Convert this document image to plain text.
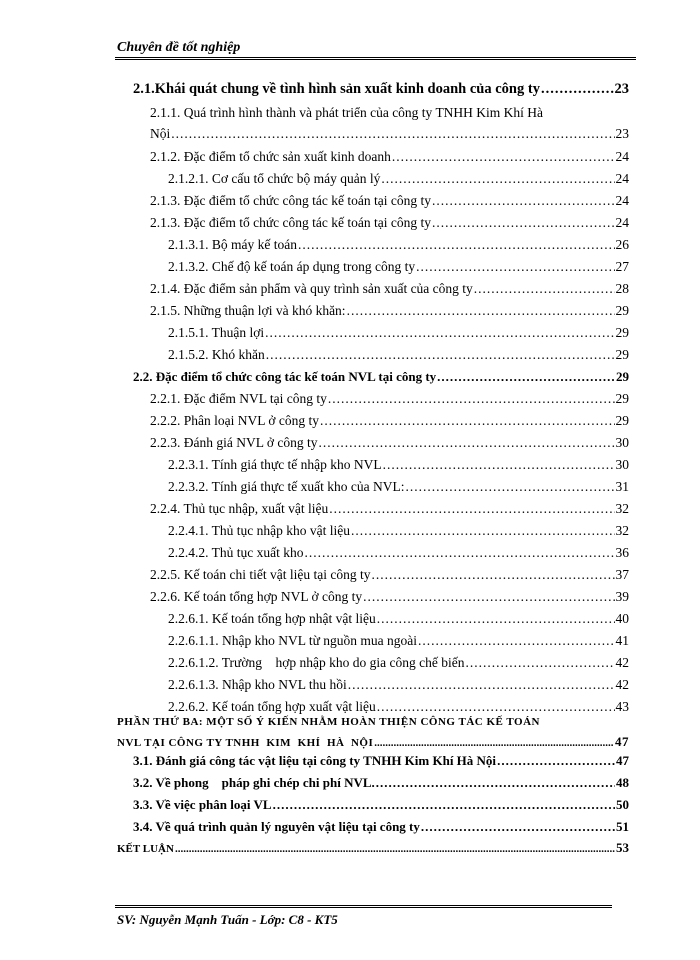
Chuyên đề tốt nghiệp
2.1.Khái quát chung về tình hình sản xuất kinh doanh của công ty .....	23
2.1.1. Quá trình hình thành và phát triển của công ty TNHH Kim Khí Hà
Nội .....	23
2.1.2. Đặc điểm tổ chức sản xuất kinh doanh .....	24
2.1.2.1. Cơ cấu tổ chức bộ máy quản lý .....	24
2.1.3. Đặc điểm tổ chức công tác kế toán tại công ty .....	24
2.1.3. Đặc điểm tổ chức công tác kế toán tại công ty .....	24
2.1.3.1. Bộ máy kế toán .....	26
2.1.3.2. Chế độ kế toán áp dụng trong công ty .....	27
2.1.4. Đặc điểm sản phẩm và quy trình sản xuất của công ty .....	28
2.1.5. Những thuận lợi và khó khăn: .....	29
2.1.5.1. Thuận lợi .....	29
2.1.5.2. Khó khăn .....	29
2.2. Đặc điểm tổ chức công tác kế toán NVL tại công ty .....	29
2.2.1. Đặc điểm NVL tại công ty .....	29
2.2.2. Phân loại NVL ở công ty .....	29
2.2.3. Đánh giá NVL ở công ty .....	30
2.2.3.1. Tính giá thực tế nhập kho NVL .....	30
2.2.3.2. Tính giá thực tế xuất kho của NVL: .....	31
2.2.4. Thủ tục nhập, xuất vật liệu .....	32
2.2.4.1. Thủ tục nhập kho vật liệu .....	32
2.2.4.2. Thủ tục xuất kho .....	36
2.2.5. Kế toán chi tiết vật liệu tại công ty .....	37
2.2.6. Kế toán tổng hợp NVL ở công ty .....	39
2.2.6.1. Kế toán tổng hợp nhật vật liệu .....	40
2.2.6.1.1. Nhập kho NVL từ nguồn mua ngoài .....	41
2.2.6.1.2. Trường    hợp nhập kho do gia công chế biến .....	42
2.2.6.1.3. Nhập kho NVL thu hồi .....	42
2.2.6.2. Kế toán tổng hợp xuất vật liệu .....	43
PHẦN THỨ BA: MỘT SỐ Ý KIẾN NHẰM HOÀN THIỆN CÔNG TÁC KẾ TOÁN
NVL TẠI CÔNG TY TNHH  KIM  KHÍ  HÀ  NỘI .....	47
3.1. Đánh giá công tác vật liệu tại công ty TNHH Kim Khí Hà Nội .....	47
3.2. Về phong    pháp ghi chép chi phí NVL. .....	48
3.3. Về việc phân loại VL .....	50
3.4. Về quá trình quản lý nguyên vật liệu tại công ty .....	51
KẾT LUẬN .....	53
SV: Nguyễn Mạnh Tuấn - Lớp: C8 - KT5
